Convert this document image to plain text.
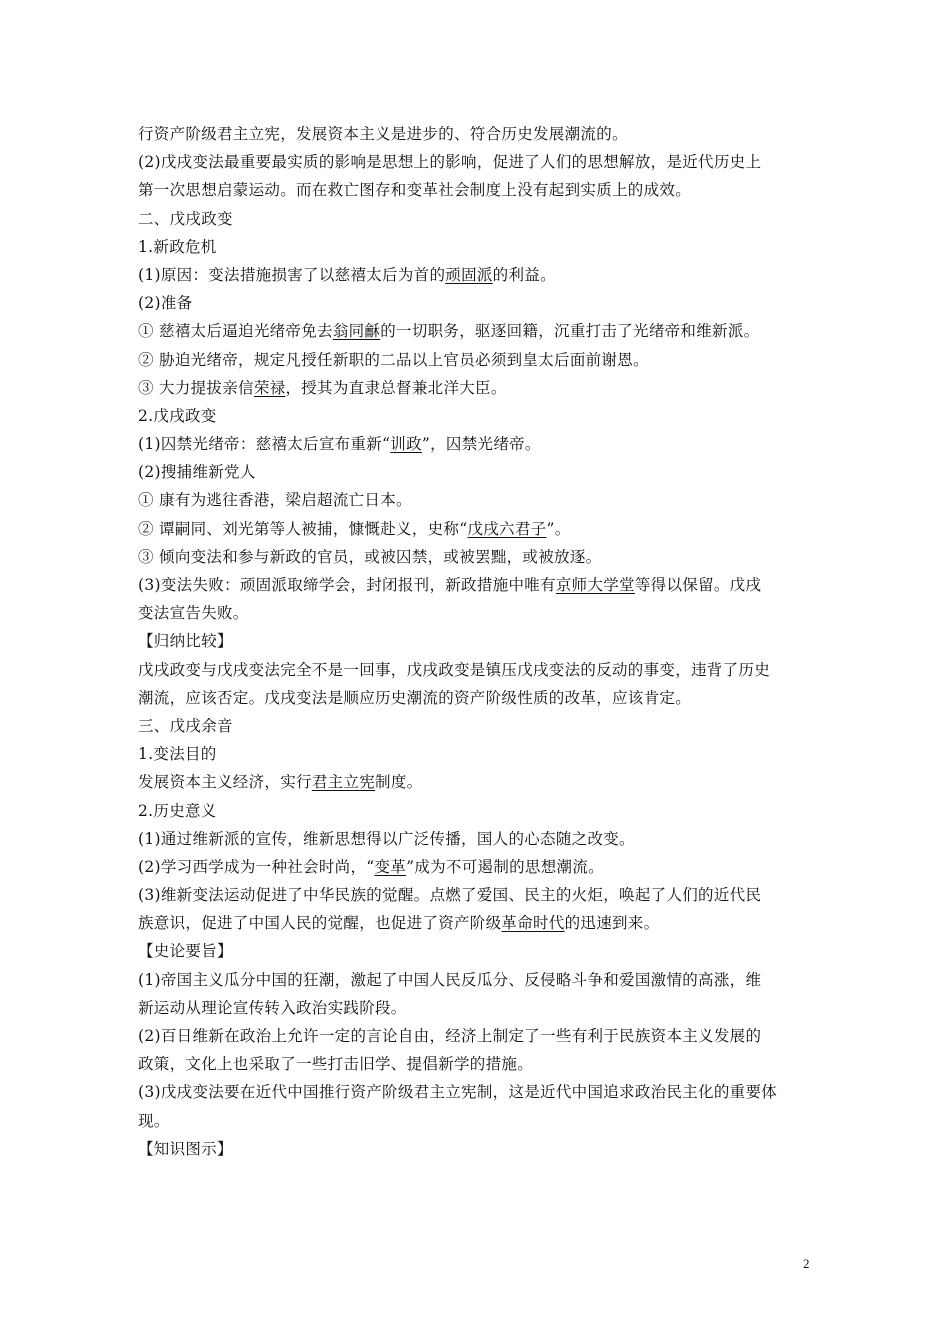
行资产阶级君主立宪，发展资本主义是进步的、符合历史发展潮流的。
(2)戊戌变法最重要最实质的影响是思想上的影响，促进了人们的思想解放，是近代历史上
第一次思想启蒙运动。而在救亡图存和变革社会制度上没有起到实质上的成效。
二、戊戌政变
1.新政危机
(1)原因：变法措施损害了以慈禧太后为首的顽固派的利益。
(2)准备
① 慈禧太后逼迫光绪帝免去翁同龢的一切职务，驱逐回籍，沉重打击了光绪帝和维新派。
② 胁迫光绪帝，规定凡授任新职的二品以上官员必须到皇太后面前谢恩。
③ 大力提拔亲信荣禄，授其为直隶总督兼北洋大臣。
2.戊戌政变
(1)囚禁光绪帝：慈禧太后宣布重新“训政”，囚禁光绪帝。
(2)搜捕维新党人
① 康有为逃往香港，梁启超流亡日本。
② 谭嗣同、刘光第等人被捕，慷慨赴义，史称“戊戌六君子”。
③ 倾向变法和参与新政的官员，或被囚禁，或被罢黜，或被放逐。
(3)变法失败：顽固派取缔学会，封闭报刊，新政措施中唯有京师大学堂等得以保留。戊戌
变法宣告失败。
【归纳比较】
戊戌政变与戊戌变法完全不是一回事，戊戌政变是镇压戊戌变法的反动的事变，违背了历史
潮流，应该否定。戊戌变法是顺应历史潮流的资产阶级性质的改革，应该肯定。
三、戊戌余音
1.变法目的
发展资本主义经济，实行君主立宪制度。
2.历史意义
(1)通过维新派的宣传，维新思想得以广泛传播，国人的心态随之改变。
(2)学习西学成为一种社会时尚，“变革”成为不可遏制的思想潮流。
(3)维新变法运动促进了中华民族的觉醒。点燃了爱国、民主的火炬，唤起了人们的近代民
族意识，促进了中国人民的觉醒，也促进了资产阶级革命时代的迅速到来。
【史论要旨】
(1)帝国主义瓜分中国的狂潮，激起了中国人民反瓜分、反侵略斗争和爱国激情的高涨，维
新运动从理论宣传转入政治实践阶段。
(2)百日维新在政治上允许一定的言论自由，经济上制定了一些有利于民族资本主义发展的
政策，文化上也采取了一些打击旧学、提倡新学的措施。
(3)戊戌变法要在近代中国推行资产阶级君主立宪制，这是近代中国追求政治民主化的重要体
现。
【知识图示】
2
